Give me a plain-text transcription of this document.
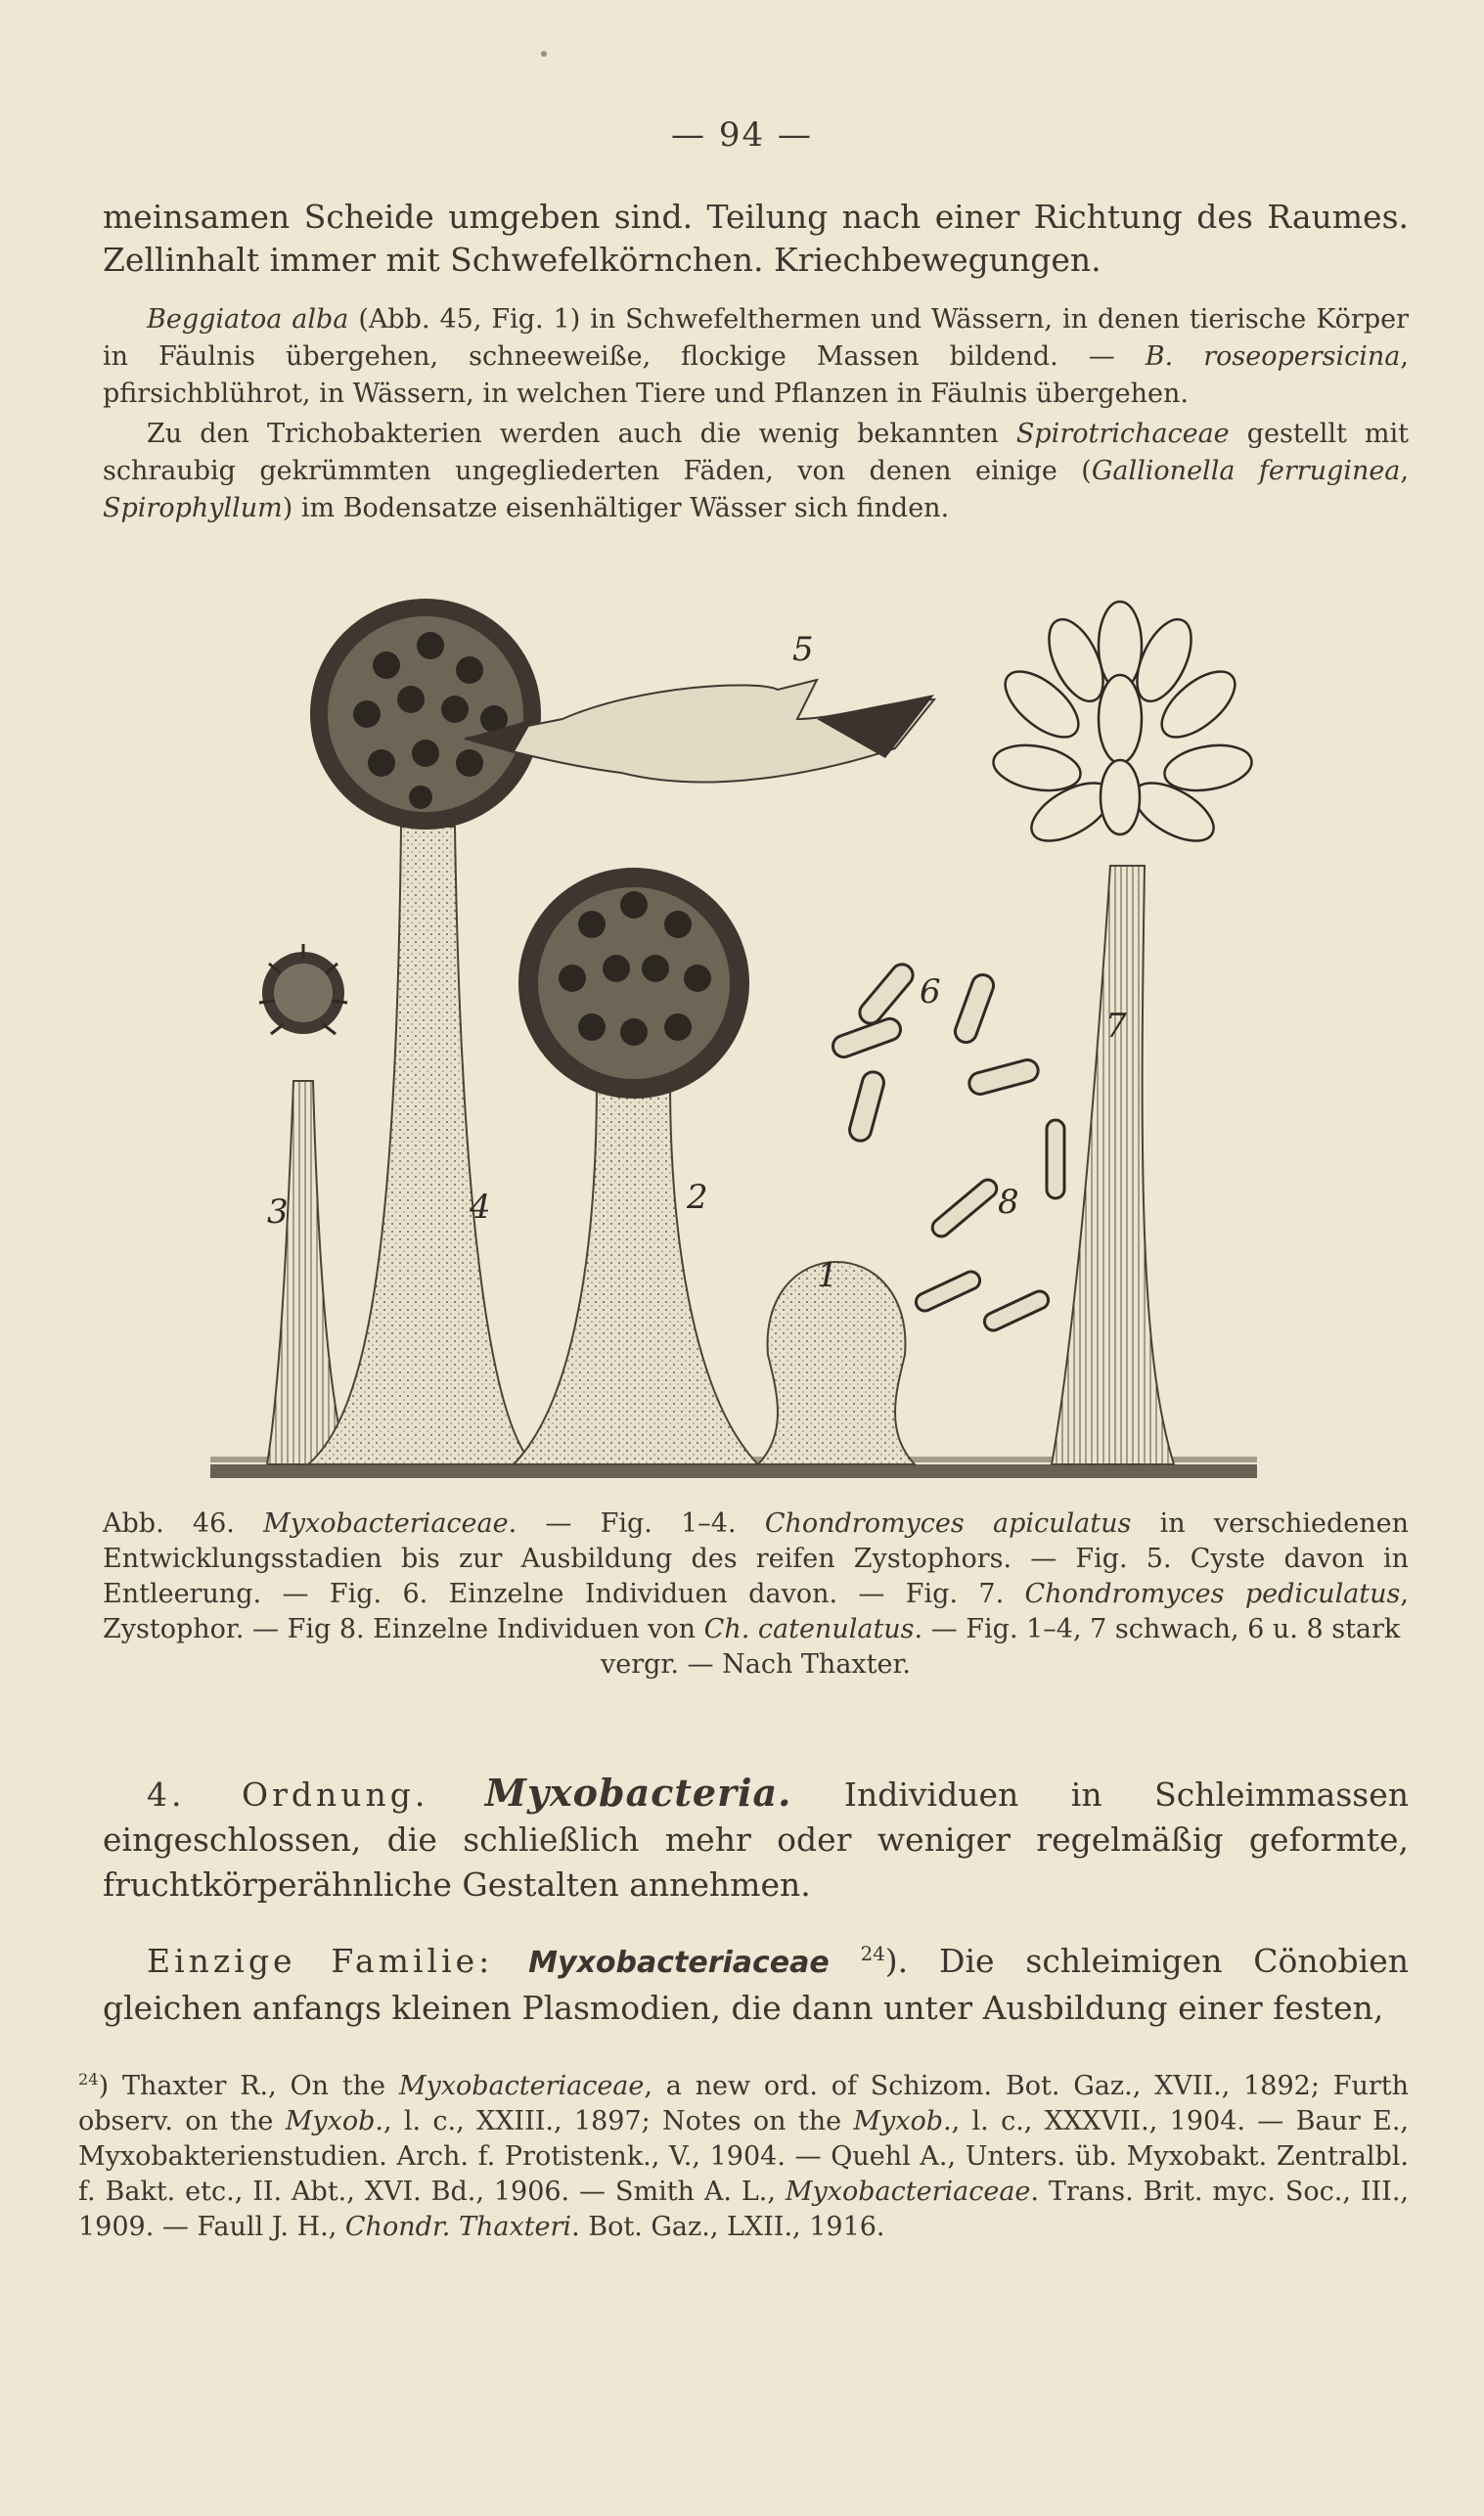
— 94 —
meinsamen Scheide umgeben sind. Teilung nach einer Richtung des Raumes.
Zellinhalt immer mit Schwefelkörnchen. Kriechbewegungen.
Beggiatoa alba (Abb. 45, Fig. 1) in Schwefelthermen und Wässern, in denen tierische Körper in Fäulnis übergehen, schneeweiße, flockige Massen bildend. — B. roseopersicina, pfirsichblührot, in Wässern, in welchen Tiere und Pflanzen in Fäulnis übergehen.
Zu den Trichobakterien werden auch die wenig bekannten Spirotrichaceae gestellt mit schraubig gekrümmten ungegliederten Fäden, von denen einige (Gallionella ferruginea, Spirophyllum) im Bodensatze eisenhältiger Wässer sich finden.
1
2
3	4
5
6
7
8
Abb. 46. Myxobacteriaceae. — Fig. 1–4. Chondromyces apiculatus in verschiedenen Entwicklungsstadien bis zur Ausbildung des reifen Zystophors. — Fig. 5. Cyste davon in Entleerung. — Fig. 6. Einzelne Individuen davon. — Fig. 7. Chondromyces pediculatus, Zystophor. — Fig 8. Einzelne Individuen von Ch. catenulatus. — Fig. 1–4, 7 schwach, 6 u. 8 stark
vergr. — Nach Thaxter.
4. Ordnung. Myxobacteria. Individuen in Schleimmassen eingeschlossen, die schließlich mehr oder weniger regelmäßig geformte, fruchtkörperähnliche Gestalten annehmen.
Einzige Familie: Myxobacteriaceae $^{24}$). Die schleimigen Cönobien gleichen anfangs kleinen Plasmodien, die dann unter Ausbildung einer festen,
$^{24}$) Thaxter R., On the Myxobacteriaceae, a new ord. of Schizom. Bot. Gaz., XVII., 1892; Furth observ. on the Myxob., l. c., XXIII., 1897; Notes on the Myxob., l. c., XXXVII., 1904. — Baur E., Myxobakterienstudien. Arch. f. Protistenk., V., 1904. — Quehl A., Unters. üb. Myxobakt. Zentralbl. f. Bakt. etc., II. Abt., XVI. Bd., 1906. — Smith A. L., Myxobacteriaceae. Trans. Brit. myc. Soc., III., 1909. — Faull J. H., Chondr. Thaxteri. Bot. Gaz., LXII., 1916.
